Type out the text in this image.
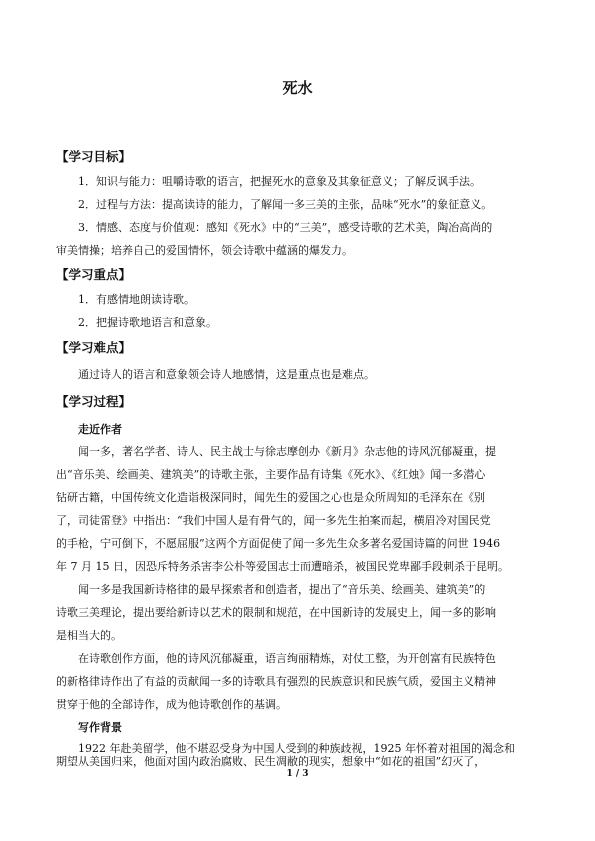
死水
【学习目标】
1．知识与能力：咀嚼诗歌的语言，把握死水的意象及其象征意义；了解反讽手法。
2．过程与方法：提高读诗的能力，了解闻一多三美的主张，品味“死水”的象征意义。
3．情感、态度与价值观：感知《死水》中的“三美”，感受诗歌的艺术美，陶冶高尚的
审美情操；培养自己的爱国情怀，领会诗歌中蕴涵的爆发力。
【学习重点】
1．有感情地朗读诗歌。
2．把握诗歌地语言和意象。
【学习难点】
通过诗人的语言和意象领会诗人地感情，这是重点也是难点。
【学习过程】
走近作者
闻一多，著名学者、诗人、民主战士与徐志摩创办《新月》杂志他的诗风沉郁凝重，提
出“音乐美、绘画美、建筑美”的诗歌主张，主要作品有诗集《死水》、《红烛》闻一多潜心
钻研古籍，中国传统文化造诣极深同时，闻先生的爱国之心也是众所周知的毛泽东在《别
了，司徒雷登》中指出：“我们中国人是有骨气的，闻一多先生拍案而起，横眉冷对国民党
的手枪，宁可倒下，不愿屈服”这两个方面促使了闻一多先生众多著名爱国诗篇的问世 1946
年 7 月 15 日，因恐斥特务杀害李公朴等爱国志士而遭暗杀，被国民党卑鄙手段刺杀于昆明。
闻一多是我国新诗格律的最早探索者和创造者，提出了“音乐美、绘画美、建筑美”的
诗歌三美理论，提出要给新诗以艺术的限制和规范，在中国新诗的发展史上，闻一多的影响
是相当大的。
在诗歌创作方面，他的诗风沉郁凝重，语言绚丽精炼，对仗工整，为开创富有民族特色
的新格律诗作出了有益的贡献闻一多的诗歌具有强烈的民族意识和民族气质，爱国主义精神
贯穿于他的全部诗作，成为他诗歌创作的基调。
写作背景
1922 年赴美留学，他不堪忍受身为中国人受到的种族歧视，1925 年怀着对祖国的渴念和
期望从美国归来，他面对国内政治腐败、民生凋敝的现实，想象中“如花的祖国”幻灭了，
1 / 3
